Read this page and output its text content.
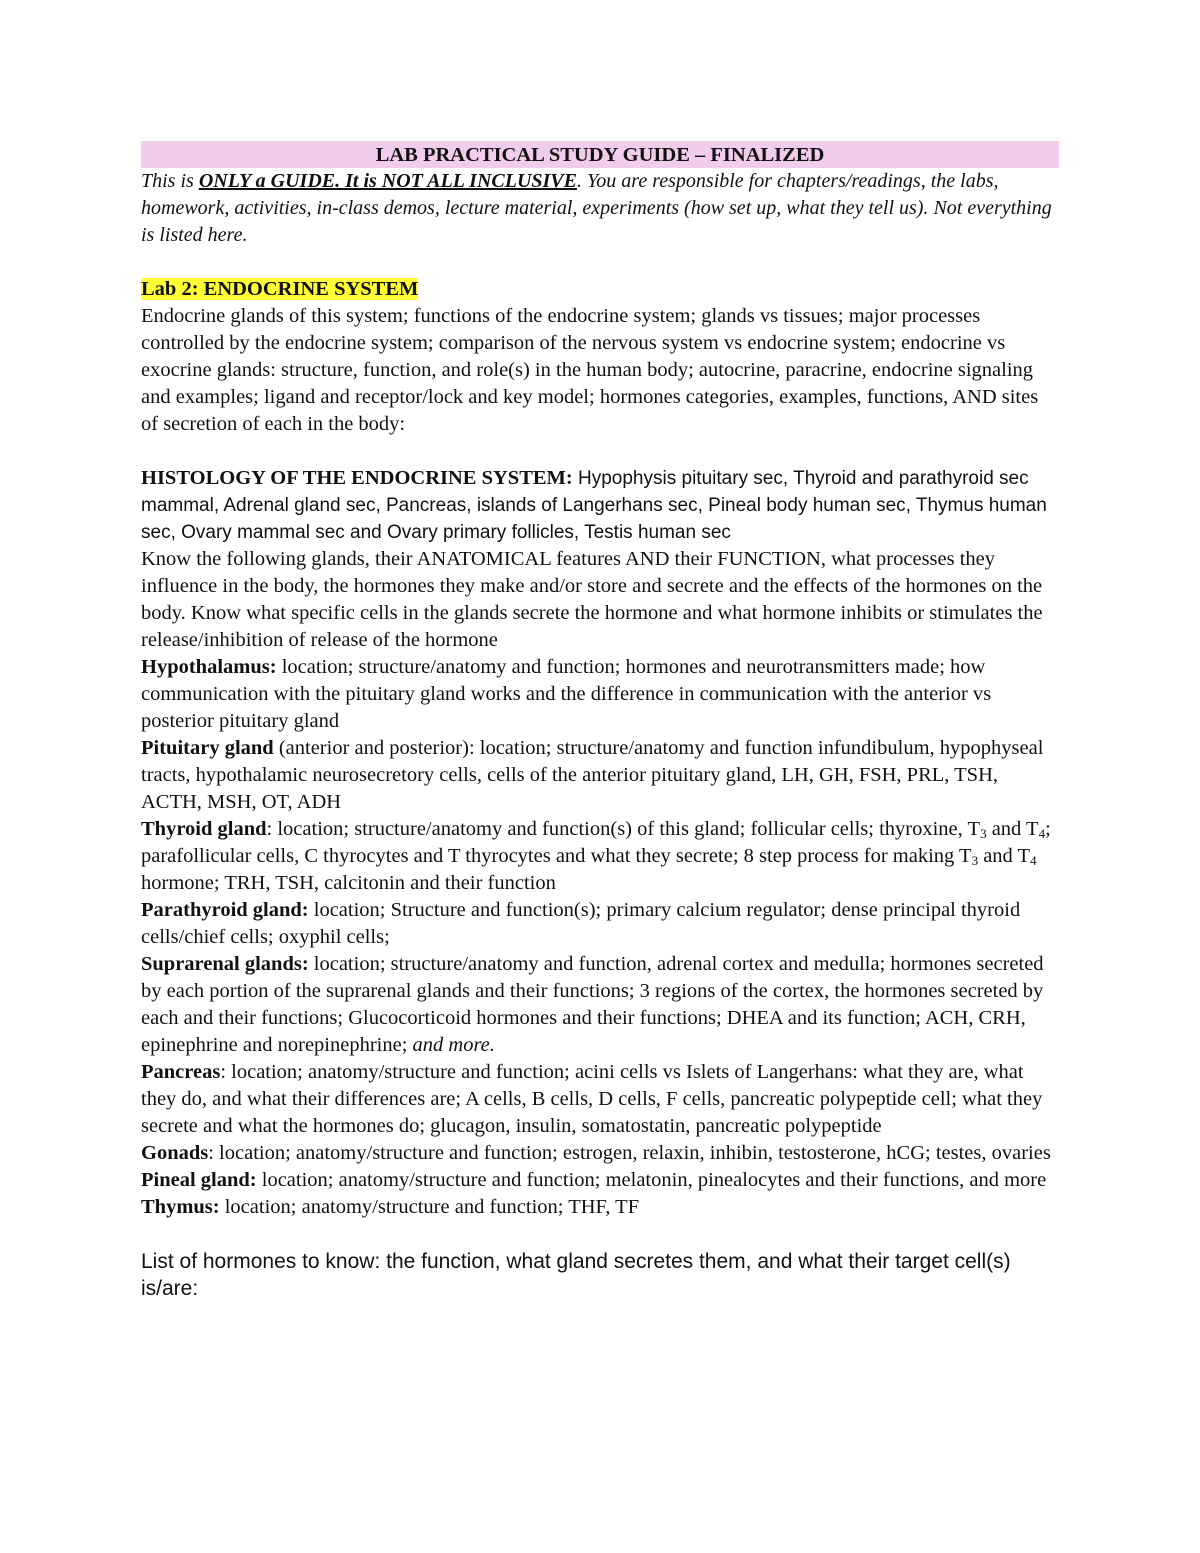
LAB PRACTICAL STUDY GUIDE – FINALIZED
This is ONLY a GUIDE. It is NOT ALL INCLUSIVE. You are responsible for chapters/readings, the labs, homework, activities, in-class demos, lecture material, experiments (how set up, what they tell us). Not everything is listed here.
Lab 2: ENDOCRINE SYSTEM
Endocrine glands of this system; functions of the endocrine system; glands vs tissues; major processes controlled by the endocrine system; comparison of the nervous system vs endocrine system; endocrine vs exocrine glands: structure, function, and role(s) in the human body; autocrine, paracrine, endocrine signaling and examples; ligand and receptor/lock and key model; hormones categories, examples, functions, AND sites of secretion of each in the body:
HISTOLOGY OF THE ENDOCRINE SYSTEM: Hypophysis pituitary sec, Thyroid and parathyroid sec mammal, Adrenal gland sec, Pancreas, islands of Langerhans sec, Pineal body human sec, Thymus human sec, Ovary mammal sec and Ovary primary follicles, Testis human sec
Know the following glands, their ANATOMICAL features AND their FUNCTION, what processes they influence in the body, the hormones they make and/or store and secrete and the effects of the hormones on the body. Know what specific cells in the glands secrete the hormone and what hormone inhibits or stimulates the release/inhibition of release of the hormone
Hypothalamus: location; structure/anatomy and function; hormones and neurotransmitters made; how communication with the pituitary gland works and the difference in communication with the anterior vs posterior pituitary gland
Pituitary gland (anterior and posterior): location; structure/anatomy and function infundibulum, hypophyseal tracts, hypothalamic neurosecretory cells, cells of the anterior pituitary gland, LH, GH, FSH, PRL, TSH, ACTH, MSH, OT, ADH
Thyroid gland: location; structure/anatomy and function(s) of this gland; follicular cells; thyroxine, $T_3$ and $T_4$; parafollicular cells, C thyrocytes and T thyrocytes and what they secrete; 8 step process for making $T_3$ and $T_4$ hormone; TRH, TSH, calcitonin and their function
Parathyroid gland: location; Structure and function(s); primary calcium regulator; dense principal thyroid cells/chief cells; oxyphil cells;
Suprarenal glands: location; structure/anatomy and function, adrenal cortex and medulla; hormones secreted by each portion of the suprarenal glands and their functions; 3 regions of the cortex, the hormones secreted by each and their functions; Glucocorticoid hormones and their functions; DHEA and its function; ACH, CRH, epinephrine and norepinephrine; and more.
Pancreas: location; anatomy/structure and function; acini cells vs Islets of Langerhans: what they are, what they do, and what their differences are; A cells, B cells, D cells, F cells, pancreatic polypeptide cell; what they secrete and what the hormones do; glucagon, insulin, somatostatin, pancreatic polypeptide
Gonads: location; anatomy/structure and function; estrogen, relaxin, inhibin, testosterone, hCG; testes, ovaries
Pineal gland: location; anatomy/structure and function; melatonin, pinealocytes and their functions, and more
Thymus: location; anatomy/structure and function; THF, TF
List of hormones to know: the function, what gland secretes them, and what their target cell(s) is/are:
